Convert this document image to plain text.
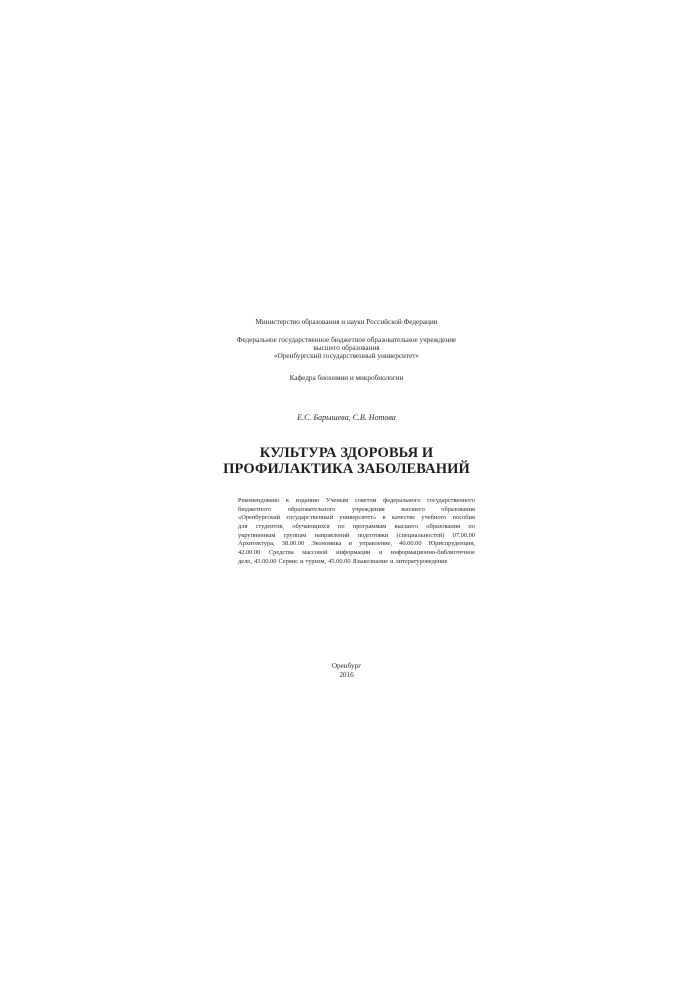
Министерство образования и науки Российской Федерации
Федеральное государственное бюджетное образовательное учреждение
высшего образования
«Оренбургский государственный университет»
Кафедра биохимии и микробиологии
Е.С. Барышева, С.В. Нотова
КУЛЬТУРА ЗДОРОВЬЯ И
ПРОФИЛАКТИКА ЗАБОЛЕВАНИЙ
Рекомендовано к изданию Ученым советом федерального государственного
бюджетного	образовательного	учреждения	высшего	образования
«Оренбургский государственный университет» в качестве учебного пособия
для студентов, обучающихся по программам высшего образования по
укрупненным группам направлений подготовки (специальностей) 07.00.00
Архитектура, 38.00.00 Экономика и управление, 40.00.00 Юриспруденция,
42.00.00 Средства массовой информации и информационно-библиотечное
дело, 43.00.00 Сервис и туризм, 45.00.00 Языкознание и литературоведение
Оренбург
2016
